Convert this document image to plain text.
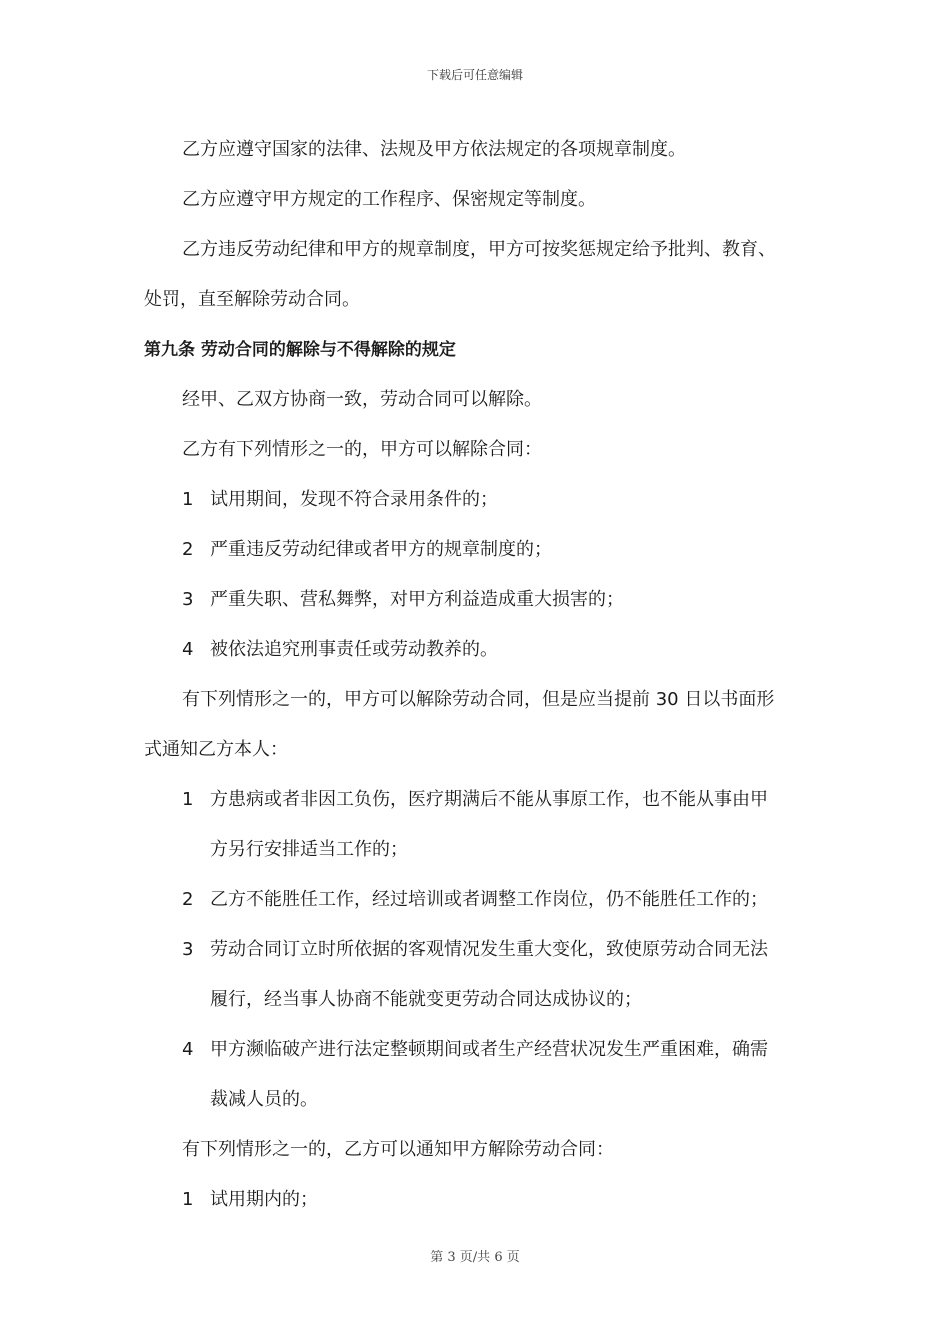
下载后可任意编辑
乙方应遵守国家的法律、法规及甲方依法规定的各项规章制度。
乙方应遵守甲方规定的工作程序、保密规定等制度。
乙方违反劳动纪律和甲方的规章制度，甲方可按奖惩规定给予批判、教育、
处罚，直至解除劳动合同。
第九条 劳动合同的解除与不得解除的规定
经甲、乙双方协商一致，劳动合同可以解除。
乙方有下列情形之一的，甲方可以解除合同：
1 试用期间，发现不符合录用条件的；
2 严重违反劳动纪律或者甲方的规章制度的；
3 严重失职、营私舞弊，对甲方利益造成重大损害的；
4 被依法追究刑事责任或劳动教养的。
有下列情形之一的，甲方可以解除劳动合同，但是应当提前 30 日以书面形
式通知乙方本人：
1 方患病或者非因工负伤，医疗期满后不能从事原工作，也不能从事由甲
方另行安排适当工作的；
2 乙方不能胜任工作，经过培训或者调整工作岗位，仍不能胜任工作的；
3 劳动合同订立时所依据的客观情况发生重大变化，致使原劳动合同无法
履行，经当事人协商不能就变更劳动合同达成协议的；
4 甲方濒临破产进行法定整顿期间或者生产经营状况发生严重困难，确需
裁减人员的。
有下列情形之一的，乙方可以通知甲方解除劳动合同：
1 试用期内的；
第 3 页/共 6 页
